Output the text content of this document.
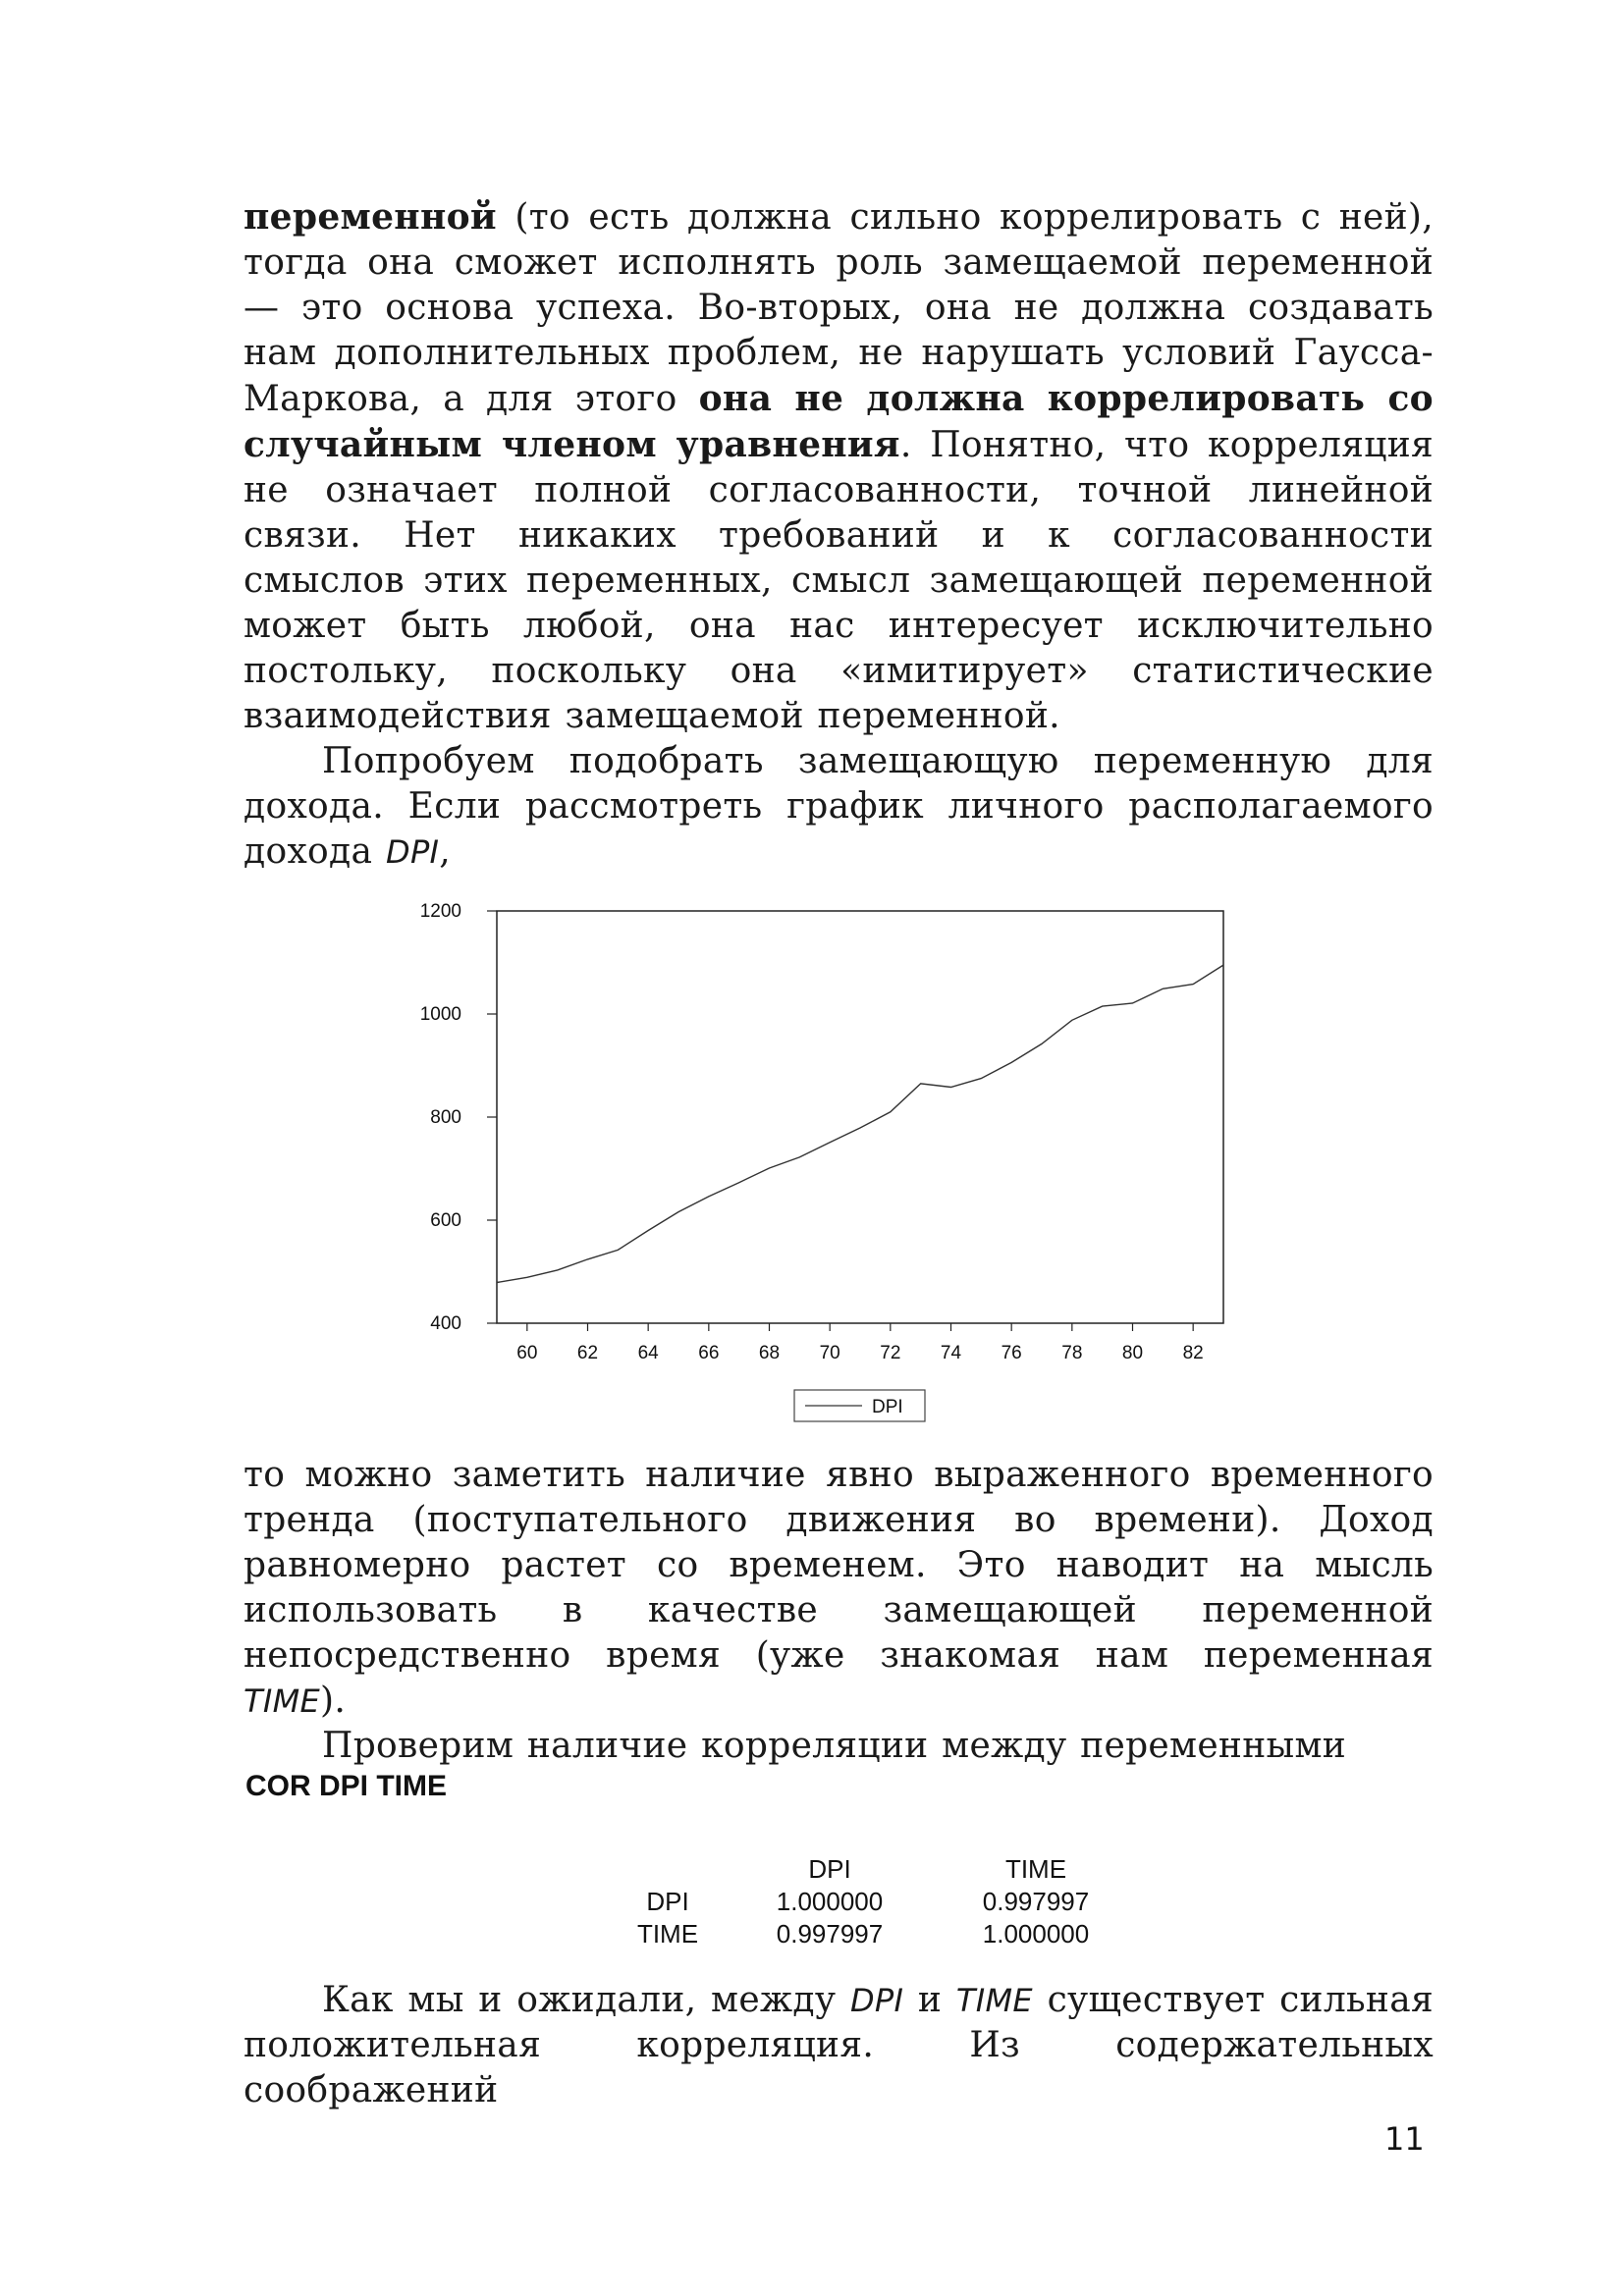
переменной (то есть должна сильно коррелировать с ней), тогда она сможет исполнять роль замещаемой переменной — это основа успеха. Во-вторых, она не должна создавать нам дополнительных проблем, не нарушать условий Гаусса-Маркова, а для этого она не должна коррелировать со случайным членом уравнения. Понятно, что корреляция не означает полной согласованности, точной линейной связи. Нет никаких требований и к согласованности смыслов этих переменных, смысл замещающей переменной может быть любой, она нас интересует исключительно постольку, поскольку она «имитирует» статистические взаимодействия замещаемой переменной.

Попробуем подобрать замещающую переменную для дохода. Если рассмотреть график личного располагаемого дохода DPI,

400
600
800
1000
1200
60 62 64 66 68 70 72 74 76 78 80 82
DPI

то можно заметить наличие явно выраженного временного тренда (поступательного движения во времени). Доход равномерно растет со временем. Это наводит на мысль использовать в качестве замещающей переменной непосредственно время (уже знакомая нам переменная TIME).

Проверим наличие корреляции между переменными

COR DPI TIME
	DPI	TIME
DPI	1.000000	0.997997
TIME	0.997997	1.000000

Как мы и ожидали, между DPI и TIME существует сильная положительная корреляция. Из содержательных соображений

11
